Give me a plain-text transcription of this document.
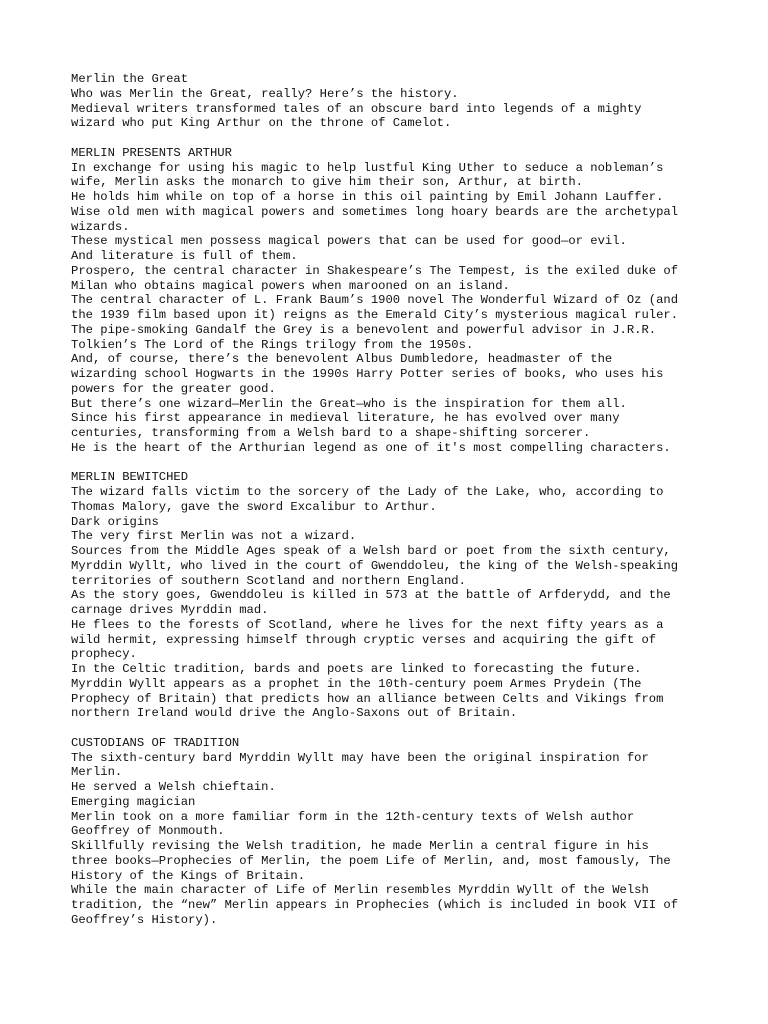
Merlin the Great
Who was Merlin the Great, really? Here’s the history.
Medieval writers transformed tales of an obscure bard into legends of a mighty
wizard who put King Arthur on the throne of Camelot.
MERLIN PRESENTS ARTHUR
In exchange for using his magic to help lustful King Uther to seduce a nobleman’s
wife, Merlin asks the monarch to give him their son, Arthur, at birth.
He holds him while on top of a horse in this oil painting by Emil Johann Lauffer.
Wise old men with magical powers and sometimes long hoary beards are the archetypal
wizards.
These mystical men possess magical powers that can be used for good—or evil.
And literature is full of them.
Prospero, the central character in Shakespeare’s The Tempest, is the exiled duke of
Milan who obtains magical powers when marooned on an island.
The central character of L. Frank Baum’s 1900 novel The Wonderful Wizard of Oz (and
the 1939 film based upon it) reigns as the Emerald City’s mysterious magical ruler.
The pipe-smoking Gandalf the Grey is a benevolent and powerful advisor in J.R.R.
Tolkien’s The Lord of the Rings trilogy from the 1950s.
And, of course, there’s the benevolent Albus Dumbledore, headmaster of the
wizarding school Hogwarts in the 1990s Harry Potter series of books, who uses his
powers for the greater good.
But there’s one wizard—Merlin the Great—who is the inspiration for them all.
Since his first appearance in medieval literature, he has evolved over many
centuries, transforming from a Welsh bard to a shape-shifting sorcerer.
He is the heart of the Arthurian legend as one of it's most compelling characters.
MERLIN BEWITCHED
The wizard falls victim to the sorcery of the Lady of the Lake, who, according to
Thomas Malory, gave the sword Excalibur to Arthur.
Dark origins
The very first Merlin was not a wizard.
Sources from the Middle Ages speak of a Welsh bard or poet from the sixth century,
Myrddin Wyllt, who lived in the court of Gwenddoleu, the king of the Welsh-speaking
territories of southern Scotland and northern England.
As the story goes, Gwenddoleu is killed in 573 at the battle of Arfderydd, and the
carnage drives Myrddin mad.
He flees to the forests of Scotland, where he lives for the next fifty years as a
wild hermit, expressing himself through cryptic verses and acquiring the gift of
prophecy.
In the Celtic tradition, bards and poets are linked to forecasting the future.
Myrddin Wyllt appears as a prophet in the 10th-century poem Armes Prydein (The
Prophecy of Britain) that predicts how an alliance between Celts and Vikings from
northern Ireland would drive the Anglo-Saxons out of Britain.
CUSTODIANS OF TRADITION
The sixth-century bard Myrddin Wyllt may have been the original inspiration for
Merlin.
He served a Welsh chieftain.
Emerging magician
Merlin took on a more familiar form in the 12th-century texts of Welsh author
Geoffrey of Monmouth.
Skillfully revising the Welsh tradition, he made Merlin a central figure in his
three books—Prophecies of Merlin, the poem Life of Merlin, and, most famously, The
History of the Kings of Britain.
While the main character of Life of Merlin resembles Myrddin Wyllt of the Welsh
tradition, the “new” Merlin appears in Prophecies (which is included in book VII of
Geoffrey’s History).
